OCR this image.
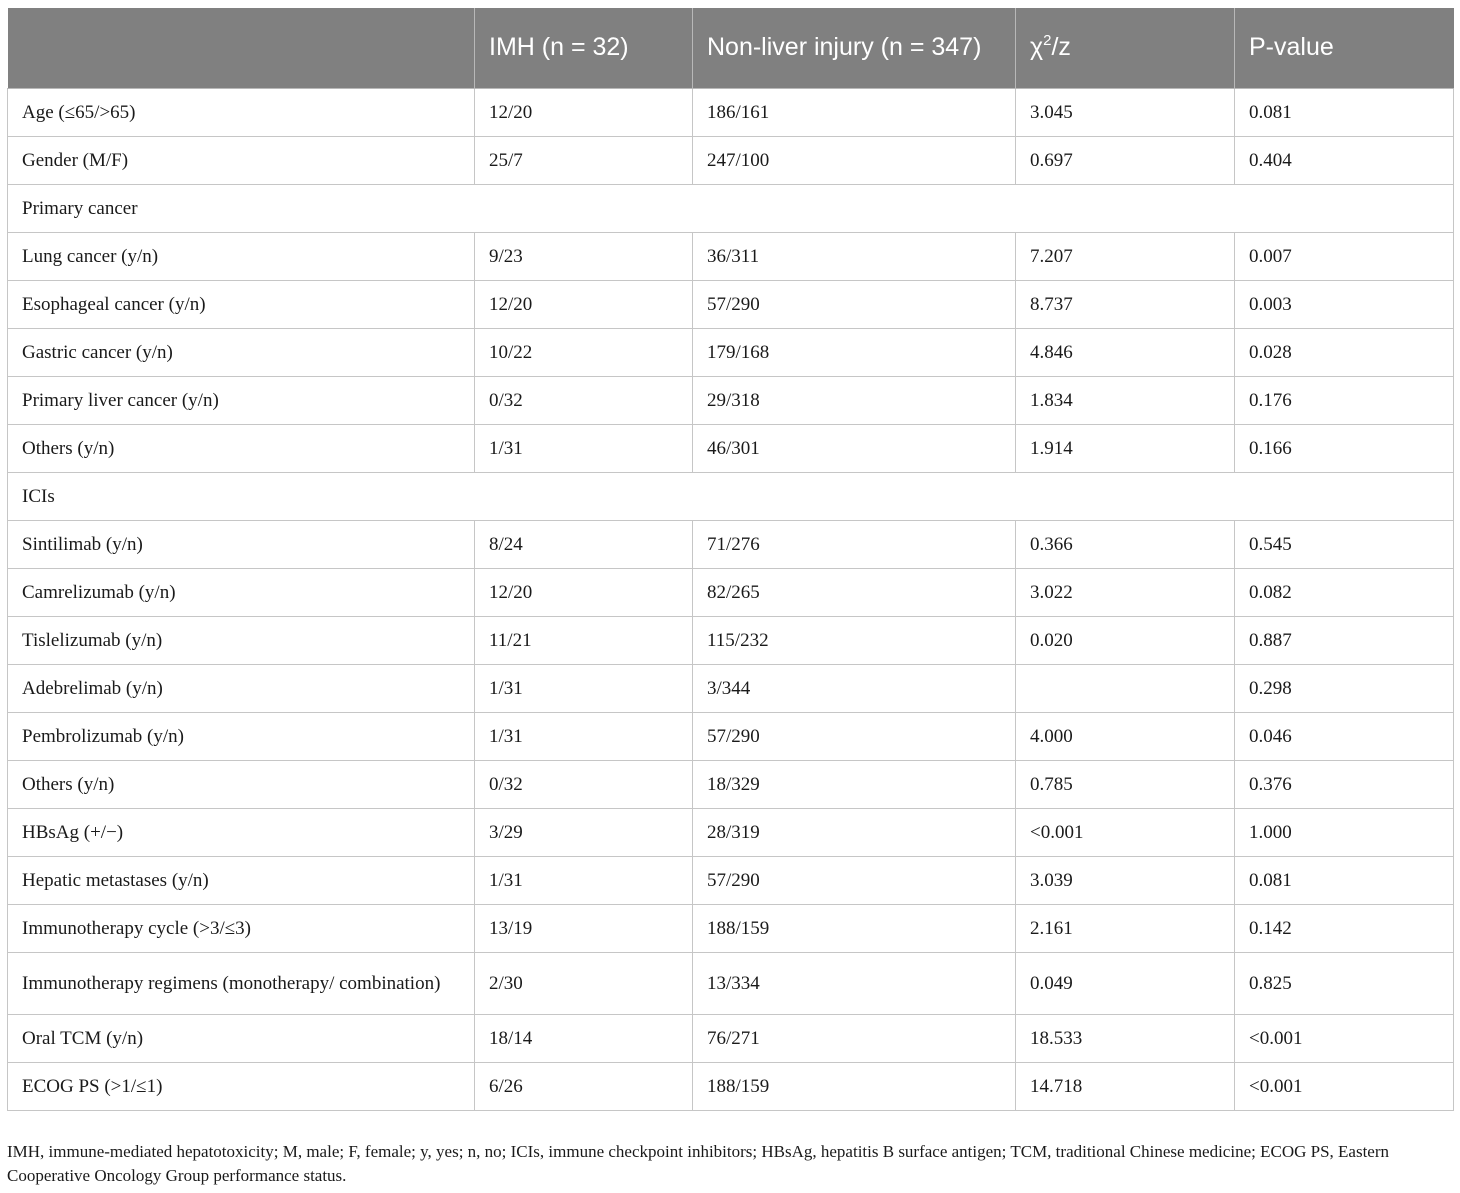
	IMH (n = 32)	Non-liver injury (n = 347)	$\chi^2/z$	P-value
Age (≤65/>65)	12/20	186/161	3.045	0.081
Gender (M/F)	25/7	247/100	0.697	0.404
Primary cancer				
Lung cancer (y/n)	9/23	36/311	7.207	0.007
Esophageal cancer (y/n)	12/20	57/290	8.737	0.003
Gastric cancer (y/n)	10/22	179/168	4.846	0.028
Primary liver cancer (y/n)	0/32	29/318	1.834	0.176
Others (y/n)	1/31	46/301	1.914	0.166
ICIs				
Sintilimab (y/n)	8/24	71/276	0.366	0.545
Camrelizumab (y/n)	12/20	82/265	3.022	0.082
Tislelizumab (y/n)	11/21	115/232	0.020	0.887
Adebrelimab (y/n)	1/31	3/344		0.298
Pembrolizumab (y/n)	1/31	57/290	4.000	0.046
Others (y/n)	0/32	18/329	0.785	0.376
HBsAg (+/−)	3/29	28/319	<0.001	1.000
Hepatic metastases (y/n)	1/31	57/290	3.039	0.081
Immunotherapy cycle (>3/≤3)	13/19	188/159	2.161	0.142
Immunotherapy regimens (monotherapy/ combination)	2/30	13/334	0.049	0.825
Oral TCM (y/n)	18/14	76/271	18.533	<0.001
ECOG PS (>1/≤1)	6/26	188/159	14.718	<0.001
IMH, immune-mediated hepatotoxicity; M, male; F, female; y, yes; n, no; ICIs, immune checkpoint inhibitors; HBsAg, hepatitis B surface antigen; TCM, traditional Chinese medicine; ECOG PS, Eastern Cooperative Oncology Group performance status.
